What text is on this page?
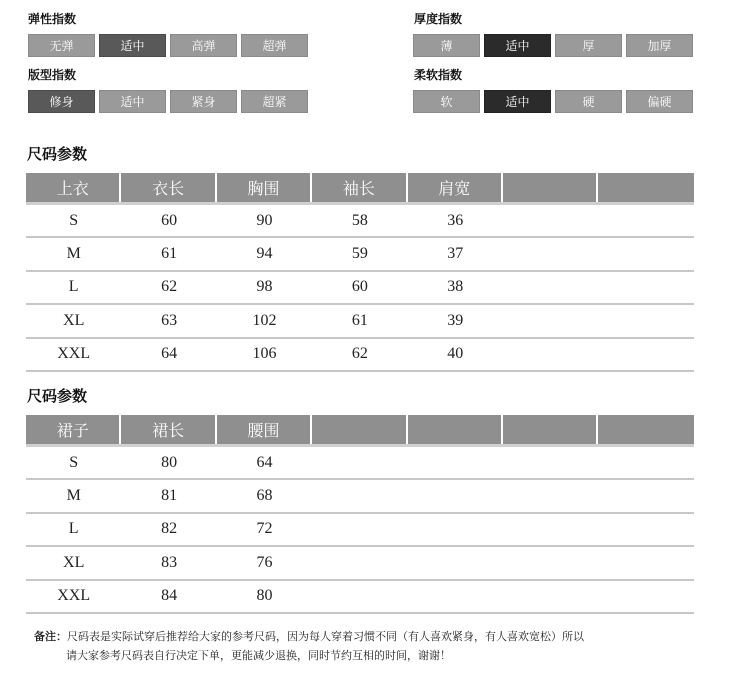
弹性指数
无弹	适中	高弹	超弹
厚度指数
薄	适中	厚	加厚
版型指数
修身	适中	紧身	超紧
柔软指数
软	适中	硬	偏硬
尺码参数
上衣	衣长	胸围	袖长	肩宽
S	60	90	58	36
M	61	94	59	37
L	62	98	60	38
XL	63	102	61	39
XXL	64	106	62	40
尺码参数
裙子	裙长	腰围
S	80	64
M	81	68
L	82	72
XL	83	76
XXL	84	80
备注：尺码表是实际试穿后推荐给大家的参考尺码，因为每人穿着习惯不同（有人喜欢紧身，有人喜欢宽松）所以
请大家参考尺码表自行决定下单，更能减少退换，同时节约互相的时间，谢谢！
